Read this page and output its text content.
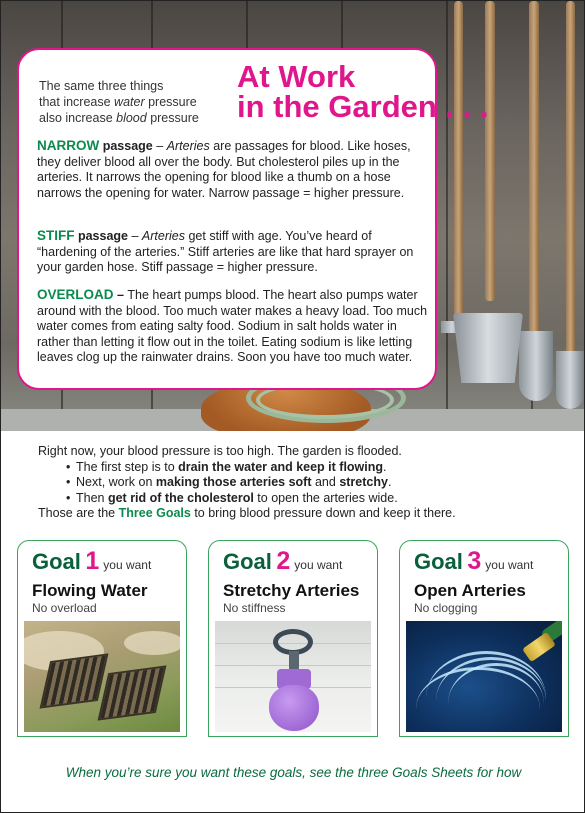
The same three things
that increase water pressure
also increase blood pressure
At Work
in the Garden . . .
NARROW passage – Arteries are passages for blood. Like hoses, they deliver blood all over the body. But cholesterol piles up in the arteries. It narrows the opening for blood like a thumb on a hose narrows the opening for water. Narrow passage = higher pressure.
STIFF passage – Arteries get stiff with age. You’ve heard of “hardening of the arteries.” Stiff arteries are like that hard sprayer on your garden hose. Stiff passage = higher pressure.
OVERLOAD – The heart pumps blood. The heart also pumps water around with the blood. Too much water makes a heavy load. Too much water comes from eating salty food. Sodium in salt holds water in rather than letting it flow out in the toilet. Eating sodium is like letting leaves clog up the rainwater drains. Soon you have too much water.
Right now, your blood pressure is too high. The garden is flooded.
• The first step is to drain the water and keep it flowing.
• Next, work on making those arteries soft and stretchy.
• Then get rid of the cholesterol to open the arteries wide.
Those are the Three Goals to bring blood pressure down and keep it there.
Goal 1 you want
Flowing Water
No overload
Goal 2 you want
Stretchy Arteries
No stiffness
Goal 3 you want
Open Arteries
No clogging
When you’re sure you want these goals, see the three Goals Sheets for how
